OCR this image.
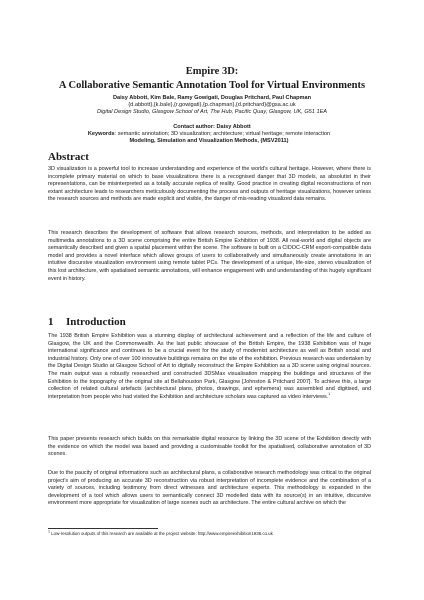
Empire 3D:
A Collaborative Semantic Annotation Tool for Virtual Environments

Daisy Abbott, Kim Bale, Ramy Gowigati, Douglas Pritchard, Paul Chapman

{d.abbott},{k.bale},{r.gowigati},{p.chapman},{d.pritchard}@gsa.ac.uk

Digital Design Studio, Glasgow School of Art, The Hub, Pacific Quay, Glasgow, UK, G51 1EA

Contact author: Daisy Abbott

Keywords: semantic annotation; 3D visualization; architecture; virtual heritage; remote interaction
Modeling, Simulation and Visualization Methods, (MSV2011)
Abstract

3D visualization is a powerful tool to increase understanding and experience of the world's cultural heritage. However, where there is incomplete primary material on which to base visualizations there is a recognised danger that 3D models, as absolutist in their representations, can be misinterpreted as a totally accurate replica of reality. Good practice in creating digital reconstructions of non extant architecture leads to researchers meticulously documenting the process and outputs of heritage visualizations, however unless the research sources and methods are made explicit and visible, the danger of mis-reading visualized data remains.

This research describes the development of software that allows research sources, methods, and interpretation to be added as multimedia annotations to a 3D scene comprising the entire British Empire Exhibition of 1938. All real-world and digital objects are semantically described and given a spatial placement within the scene. The software is built on a CIDOC-CRM export-compatible data model and provides a novel interface which allows groups of users to collaboratively and simultaneously create annotations in an intuitive discursive visualization environment using remote tablet PCs. The development of a unique, life-size, stereo visualization of this lost architecture, with spatialised semantic annotations, will enhance engagement with and understanding of this hugely significant event in history.

1 Introduction

The 1938 British Empire Exhibition was a stunning display of architectural achievement and a reflection of the life and culture of Glasgow, the UK and the Commonwealth. As the last public showcase of the British Empire, the 1938 Exhibition was of huge international significance and continues to be a crucial event for the study of modernist architecture as well as British social and industrial history. Only one of over 100 innovative buildings remains on the site of the exhibition. Previous research was undertaken by the Digital Design Studio at Glasgow School of Art to digitally reconstruct the Empire Exhibition as a 3D scene using original sources. The main output was a robustly researched and constructed 3DSMax visualisation mapping the buildings and structures of the Exhibition to the topography of the original site at Bellahouston Park, Glasgow [Johnston & Pritchard 2007]. To achieve this, a large collection of related cultural artefacts (architectural plans, photos, drawings, and ephemera) was assembled and digitised, and interpretation from people who had visited the Exhibition and architecture scholars was captured as video interviews.$^1$

This paper presents research which builds on this remarkable digital resource by linking the 3D scene of the Exhibition directly with the evidence on which the model was based and providing a customisable toolkit for the spatialised, collaborative annotation of 3D scenes.

Due to the paucity of original informations such as architectural plans, a collaborative research methodology was critical to the original project's aim of producing an accurate 3D reconstruction via robust interpretation of incomplete evidence and the combination of a variety of sources, including testimony from direct witnesses and architecture experts. This methodology is expanded in the development of a tool which allows users to semantically connect 3D modelled data with its source(s) in an intuitive, discursive environment more appropriate for visualization of large scenes such as architecture. The entire cultural archive on which the

$^1$ Low-resolution outputs of this research are available at the project website: http://www.empireexhibition1938.co.uk
